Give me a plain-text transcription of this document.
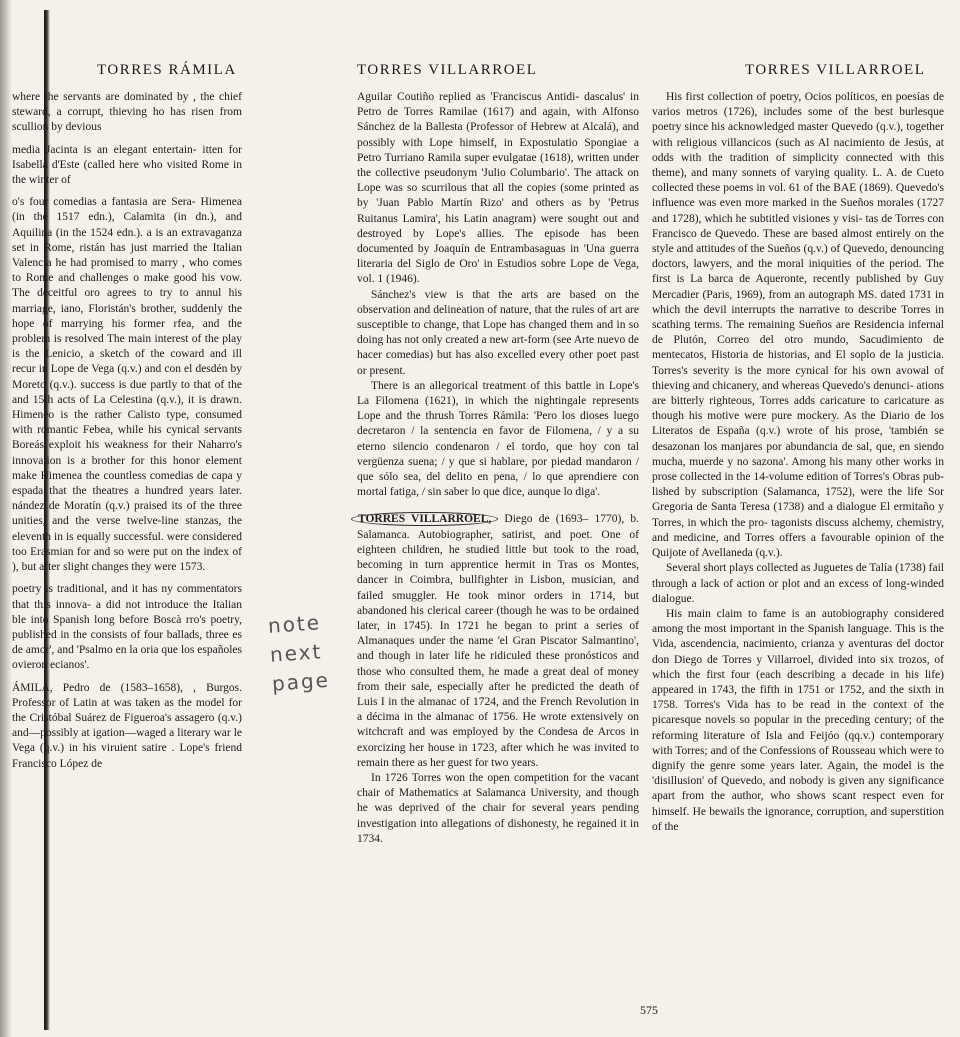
TORRES RÁMILA	TORRES VILLARROEL	TORRES VILLARROEL

where the servants are dominated by , the chief steward, a corrupt, thieving ho has risen from scullion by devious

media Jacinta is an elegant entertain- itten for Isabella d'Este (called here who visited Rome in the winter of

o's four comedias a fantasia are Sera- Himenea (in the 1517 edn.), Calamita (in dn.), and Aquilina (in the 1524 edn.). a is an extravaganza set in Rome, ristán has just married the Italian Valencia he had promised to marry , who comes to Rome and challenges o make good his vow. The deceitful oro agrees to try to annul his marriage, iano, Floristán's brother, suddenly the hope of marrying his former rfea, and the problem is resolved The main interest of the play is the Lenicio, a sketch of the coward and ill recur in Lope de Vega (q.v.) and con el desdén by Moreto (q.v.). success is due partly to that of the and 15th acts of La Celestina (q.v.), it is drawn. Himeneo is the rather Calisto type, consumed with romantic Febea, while his cynical servants Boreás exploit his weakness for their Naharro's innovation is a brother for this honor element make Himenea the countless comedias de capa y espada that the theatres a hundred years later. nández de Moratín (q.v.) praised its of the three unities, and the verse twelve-line stanzas, the eleventh in is equally successful. were considered too Erasmian for and so were put on the index of ), but after slight changes they were 1573.

poetry is traditional, and it has ny commentators that this innova- a did not introduce the Italian ble into Spanish long before Boscà rro's poetry, published in the consists of four ballads, three es de amor', and 'Psalmo en la oria que los españoles ovieron ecianos'.

ÁMILA, Pedro de (1583–1658), , Burgos. Professor of Latin at was taken as the model for the Cristóbal Suárez de Figueroa's assagero (q.v.) and—possibly at igation—waged a literary war le Vega (q.v.) in his viruient satire . Lope's friend Francisco López de

Aguilar Coutiño replied as 'Franciscus Antidi- dascalus' in Petro de Torres Ramilae (1617) and again, with Alfonso Sánchez de la Ballesta (Professor of Hebrew at Alcalá), and possibly with Lope himself, in Expostulatio Spongiae a Petro Turriano Ramila super evulgatae (1618), written under the collective pseudonym 'Julio Columbario'. The attack on Lope was so scurrilous that all the copies (some printed as by 'Juan Pablo Martín Rizo' and others as by 'Petrus Ruitanus Lamira', his Latin anagram) were sought out and destroyed by Lope's allies. The episode has been documented by Joaquín de Entrambasaguas in 'Una guerra literaria del Siglo de Oro' in Estudios sobre Lope de Vega, vol. 1 (1946).

Sánchez's view is that the arts are based on the observation and delineation of nature, that the rules of art are susceptible to change, that Lope has changed them and in so doing has not only created a new art-form (see Arte nuevo de hacer comedias) but has also excelled every other poet past or present.

There is an allegorical treatment of this battle in Lope's La Filomena (1621), in which the nightingale represents Lope and the thrush Torres Rámila: 'Pero los dioses luego decretaron / la sentencia en favor de Filomena, / y a su eterno silencio condenaron / el tordo, que hoy con tal vergüenza suena; / y que si hablare, por piedad mandaron / que sólo sea, del delito en pena, / lo que aprendiere con mortal fatiga, / sin saber lo que dice, aunque lo diga'.

TORRES VILLARROEL, Diego de (1693– 1770), b. Salamanca. Autobiographer, satirist, and poet. One of eighteen children, he studied little but took to the road, becoming in turn apprentice hermit in Tras os Montes, dancer in Coimbra, bullfighter in Lisbon, musician, and failed smuggler. He took minor orders in 1714, but abandoned his clerical career (though he was to be ordained later, in 1745). In 1721 he began to print a series of Almanaques under the name 'el Gran Piscator Salmantino', and though in later life he ridiculed these pronósticos and those who consulted them, he made a great deal of money from their sale, especially after he predicted the death of Luis I in the almanac of 1724, and the French Revolution in a décima in the almanac of 1756. He wrote extensively on witchcraft and was employed by the Condesa de Arcos in exorcizing her house in 1723, after which he was invited to remain there as her guest for two years.

In 1726 Torres won the open competition for the vacant chair of Mathematics at Salamanca University, and though he was deprived of the chair for several years pending investigation into allegations of dishonesty, he regained it in 1734.

His first collection of poetry, Ocios políticos, en poesías de varios metros (1726), includes some of the best burlesque poetry since his acknowledged master Quevedo (q.v.), together with religious villancicos (such as Al nacimiento de Jesús, at odds with the tradition of simplicity connected with this theme), and many sonnets of varying quality. L. A. de Cueto collected these poems in vol. 61 of the BAE (1869). Quevedo's influence was even more marked in the Sueños morales (1727 and 1728), which he subtitled visiones y visi- tas de Torres con Francisco de Quevedo. These are based almost entirely on the style and attitudes of the Sueños (q.v.) of Quevedo, denouncing doctors, lawyers, and the moral iniquities of the period. The first is La barca de Aqueronte, recently published by Guy Mercadier (Paris, 1969), from an autograph MS. dated 1731 in which the devil interrupts the narrative to describe Torres in scathing terms. The remaining Sueños are Residencia infernal de Plutón, Correo del otro mundo, Sacudimiento de mentecatos, Historia de historias, and El soplo de la justicia. Torres's severity is the more cynical for his own avowal of thieving and chicanery, and whereas Quevedo's denunci- ations are bitterly righteous, Torres adds caricature to caricature as though his motive were pure mockery. As the Diario de los Literatos de España (q.v.) wrote of his prose, 'también se desazonan los manjares por abundancia de sal, que, en siendo mucha, muerde y no sazona'. Among his many other works in prose collected in the 14-volume edition of Torres's Obras pub- lished by subscription (Salamanca, 1752), were the life Sor Gregoria de Santa Teresa (1738) and a dialogue El ermitaño y Torres, in which the pro- tagonists discuss alchemy, chemistry, and medicine, and Torres offers a favourable opinion of the Quijote of Avellaneda (q.v.).

Several short plays collected as Juguetes de Talía (1738) fail through a lack of action or plot and an excess of long-winded dialogue.

His main claim to fame is an autobiography considered among the most important in the Spanish language. This is the Vida, ascendencia, nacimiento, crianza y aventuras del doctor don Diego de Torres y Villarroel, divided into six trozos, of which the first four (each describing a decade in his life) appeared in 1743, the fifth in 1751 or 1752, and the sixth in 1758. Torres's Vida has to be read in the context of the picaresque novels so popular in the preceding century; of the reforming literature of Isla and Feijóo (qq.v.) contemporary with Torres; and of the Confessions of Rousseau which were to dignify the genre some years later. Again, the model is the 'disillusion' of Quevedo, and nobody is given any significance apart from the author, who shows scant respect even for himself. He bewails the ignorance, corruption, and superstition of the

note
next
page
575
